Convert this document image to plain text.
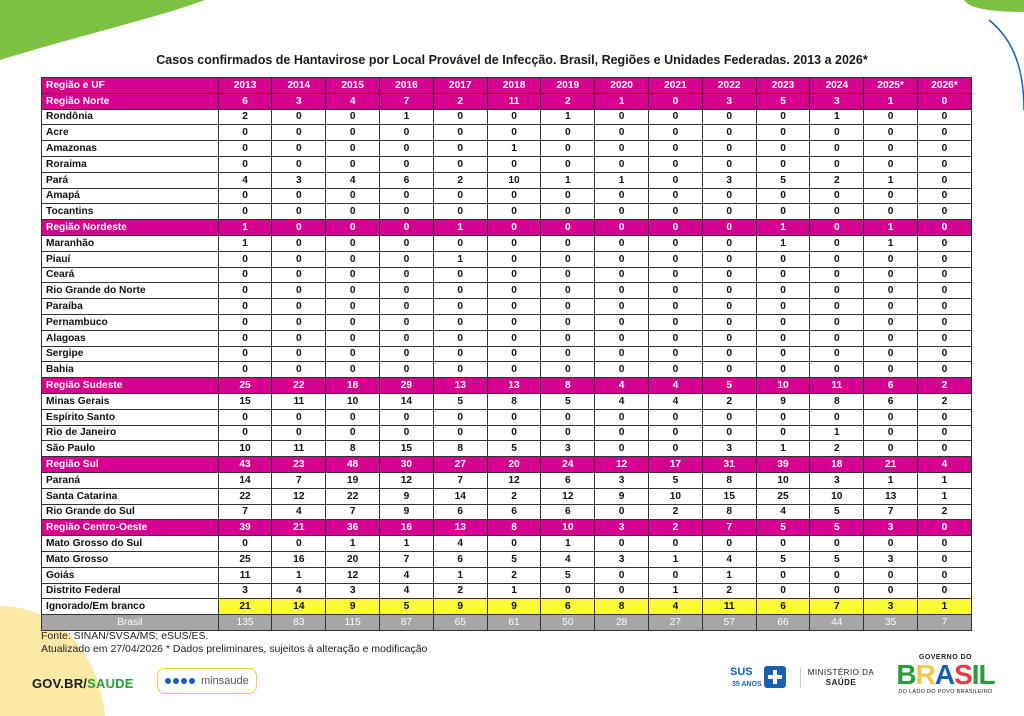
Casos confirmados de Hantavirose por Local Provável de Infecção. Brasil, Regiões e Unidades Federadas. 2013 a 2026*
Região e UF	2013	2014	2015	2016	2017	2018	2019	2020	2021	2022	2023	2024	2025*	2026*
Região Norte	6	3	4	7	2	11	2	1	0	3	5	3	1	0
Rondônia	2	0	0	1	0	0	1	0	0	0	0	1	0	0
Acre	0	0	0	0	0	0	0	0	0	0	0	0	0	0
Amazonas	0	0	0	0	0	1	0	0	0	0	0	0	0	0
Roraima	0	0	0	0	0	0	0	0	0	0	0	0	0	0
Pará	4	3	4	6	2	10	1	1	0	3	5	2	1	0
Amapá	0	0	0	0	0	0	0	0	0	0	0	0	0	0
Tocantins	0	0	0	0	0	0	0	0	0	0	0	0	0	0
Região Nordeste	1	0	0	0	1	0	0	0	0	0	1	0	1	0
Maranhão	1	0	0	0	0	0	0	0	0	0	1	0	1	0
Piauí	0	0	0	0	1	0	0	0	0	0	0	0	0	0
Ceará	0	0	0	0	0	0	0	0	0	0	0	0	0	0
Rio Grande do Norte	0	0	0	0	0	0	0	0	0	0	0	0	0	0
Paraíba	0	0	0	0	0	0	0	0	0	0	0	0	0	0
Pernambuco	0	0	0	0	0	0	0	0	0	0	0	0	0	0
Alagoas	0	0	0	0	0	0	0	0	0	0	0	0	0	0
Sergipe	0	0	0	0	0	0	0	0	0	0	0	0	0	0
Bahia	0	0	0	0	0	0	0	0	0	0	0	0	0	0
Região Sudeste	25	22	18	29	13	13	8	4	4	5	10	11	6	2
Minas Gerais	15	11	10	14	5	8	5	4	4	2	9	8	6	2
Espírito Santo	0	0	0	0	0	0	0	0	0	0	0	0	0	0
Rio de Janeiro	0	0	0	0	0	0	0	0	0	0	0	1	0	0
São Paulo	10	11	8	15	8	5	3	0	0	3	1	2	0	0
Região Sul	43	23	48	30	27	20	24	12	17	31	39	18	21	4
Paraná	14	7	19	12	7	12	6	3	5	8	10	3	1	1
Santa Catarina	22	12	22	9	14	2	12	9	10	15	25	10	13	1
Rio Grande do Sul	7	4	7	9	6	6	6	0	2	8	4	5	7	2
Região Centro-Oeste	39	21	36	16	13	8	10	3	2	7	5	5	3	0
Mato Grosso do Sul	0	0	1	1	4	0	1	0	0	0	0	0	0	0
Mato Grosso	25	16	20	7	6	5	4	3	1	4	5	5	3	0
Goiás	11	1	12	4	1	2	5	0	0	1	0	0	0	0
Distrito Federal	3	4	3	4	2	1	0	0	1	2	0	0	0	0
Ignorado/Em branco	21	14	9	5	9	9	6	8	4	11	6	7	3	1
Brasil	135	83	115	87	65	61	50	28	27	57	66	44	35	7
Fonte: SINAN/SVSA/MS; eSUS/ES.
Atualizado em 27/04/2026 * Dados preliminares, sujeitos à alteração e modificação
GOV.BR/SAUDE	minsaude
SUS
35 ANOS
MINISTÉRIO DA
SAÚDE
GOVERNO DO
BRASIL
DO LADO DO POVO BRASILEIRO
